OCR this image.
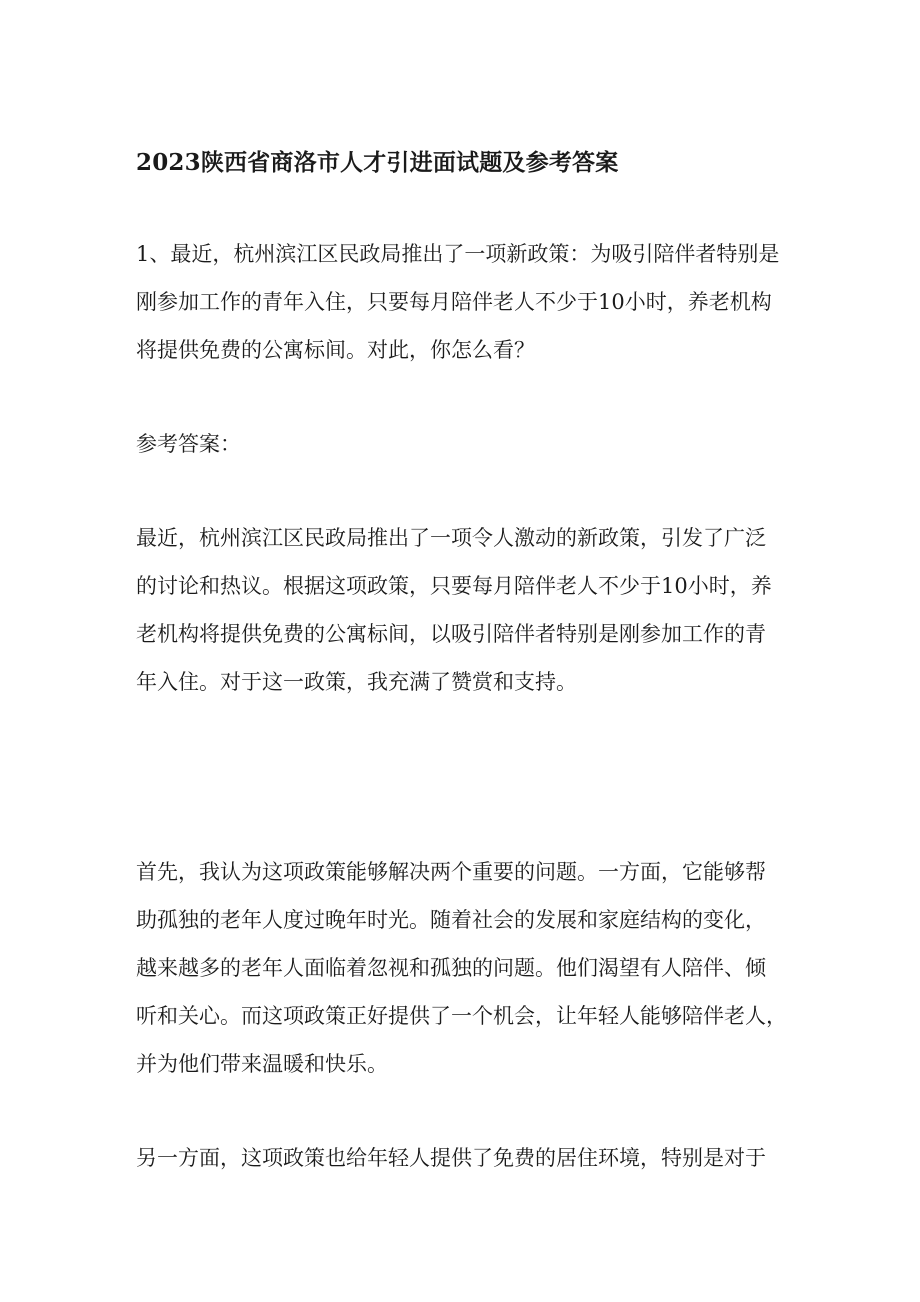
2023陕西省商洛市人才引进面试题及参考答案
1、最近，杭州滨江区民政局推出了一项新政策：为吸引陪伴者特别是
刚参加工作的青年入住，只要每月陪伴老人不少于10小时，养老机构
将提供免费的公寓标间。对此，你怎么看？
参考答案：
最近，杭州滨江区民政局推出了一项令人激动的新政策，引发了广泛
的讨论和热议。根据这项政策，只要每月陪伴老人不少于10小时，养
老机构将提供免费的公寓标间，以吸引陪伴者特别是刚参加工作的青
年入住。对于这一政策，我充满了赞赏和支持。
首先，我认为这项政策能够解决两个重要的问题。一方面，它能够帮
助孤独的老年人度过晚年时光。随着社会的发展和家庭结构的变化，
越来越多的老年人面临着忽视和孤独的问题。他们渴望有人陪伴、倾
听和关心。而这项政策正好提供了一个机会，让年轻人能够陪伴老人，
并为他们带来温暖和快乐。
另一方面，这项政策也给年轻人提供了免费的居住环境，特别是对于
